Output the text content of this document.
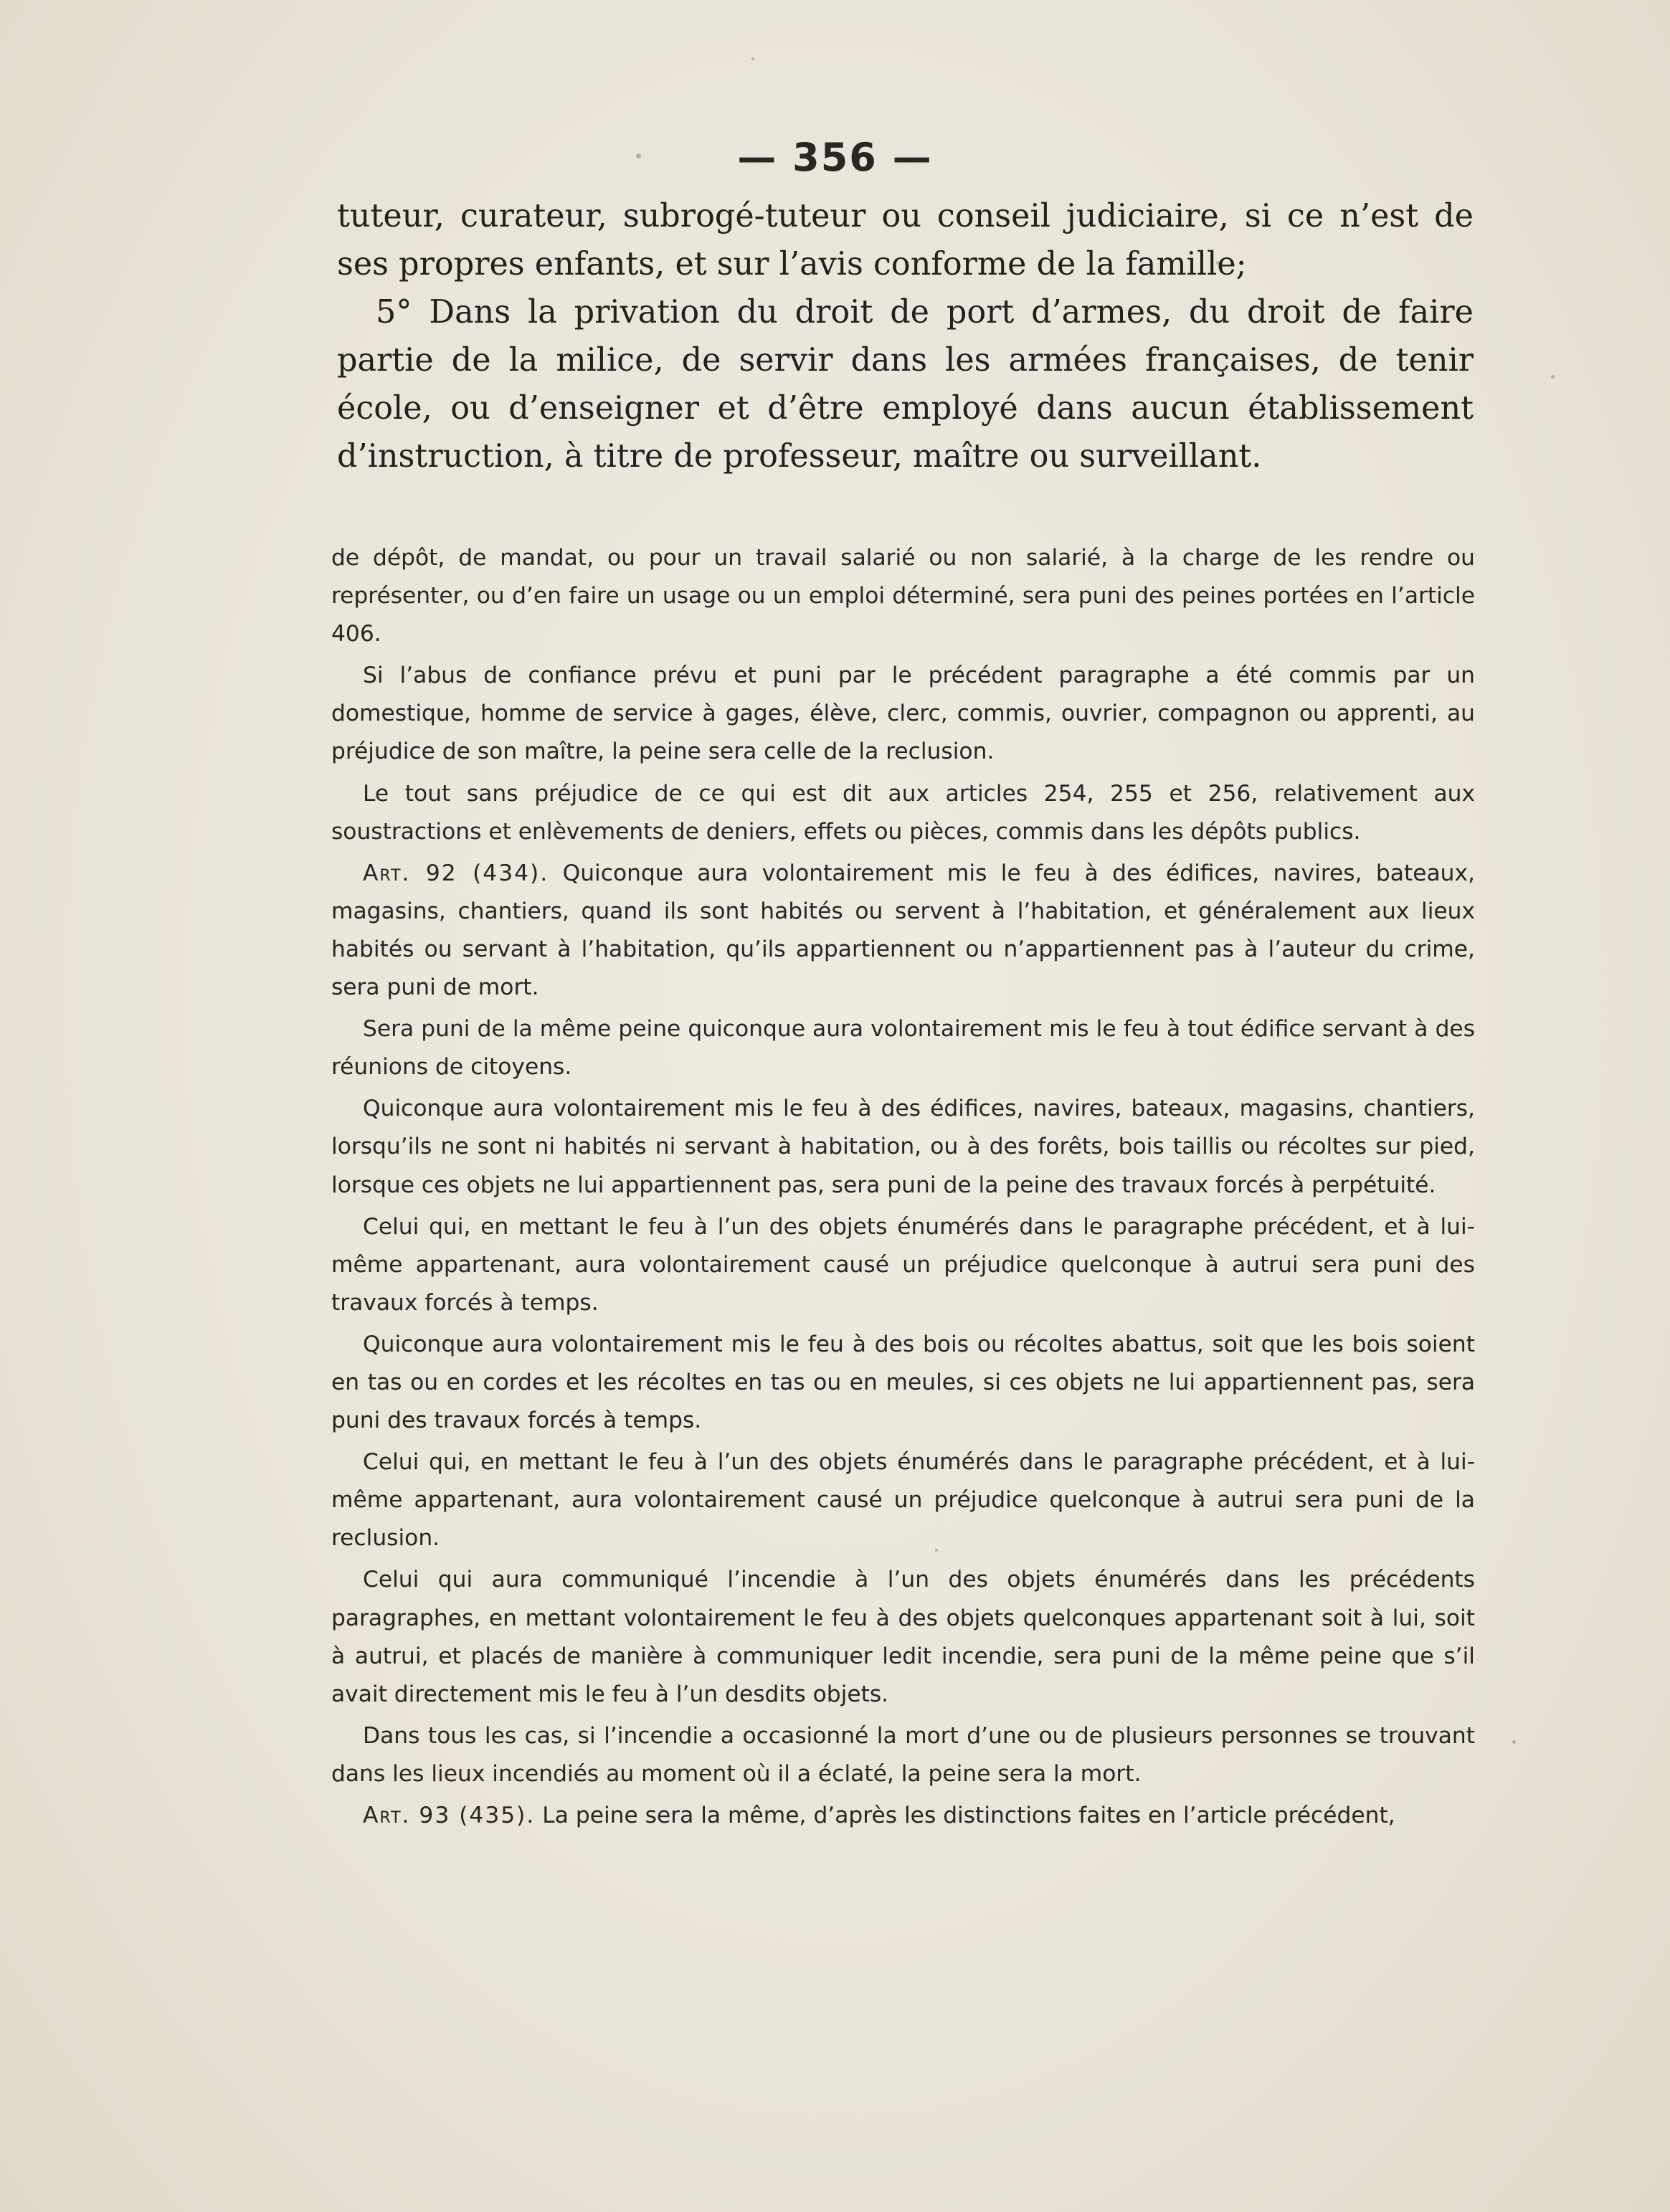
— 356 —

tuteur, curateur, subrogé-tuteur ou conseil judiciaire, si ce n’est de ses propres enfants, et sur l’avis conforme de la famille;

5° Dans la privation du droit de port d’armes, du droit de faire partie de la milice, de servir dans les armées françaises, de tenir école, ou d’enseigner et d’être employé dans aucun établissement d’instruction, à titre de professeur, maître ou surveillant.

de dépôt, de mandat, ou pour un travail salarié ou non salarié, à la charge de les rendre ou représenter, ou d’en faire un usage ou un emploi déterminé, sera puni des peines portées en l’article 406.

Si l’abus de confiance prévu et puni par le précédent paragraphe a été commis par un domestique, homme de service à gages, élève, clerc, commis, ouvrier, compagnon ou apprenti, au préjudice de son maître, la peine sera celle de la reclusion.

Le tout sans préjudice de ce qui est dit aux articles 254, 255 et 256, relativement aux soustractions et enlèvements de deniers, effets ou pièces, commis dans les dépôts publics.

Art. 92 (434). Quiconque aura volontairement mis le feu à des édifices, navires, bateaux, magasins, chantiers, quand ils sont habités ou servent à l’habitation, et généralement aux lieux habités ou servant à l’habitation, qu’ils appartiennent ou n’appartiennent pas à l’auteur du crime, sera puni de mort.

Sera puni de la même peine quiconque aura volontairement mis le feu à tout édifice servant à des réunions de citoyens.

Quiconque aura volontairement mis le feu à des édifices, navires, bateaux, magasins, chantiers, lorsqu’ils ne sont ni habités ni servant à habitation, ou à des forêts, bois taillis ou récoltes sur pied, lorsque ces objets ne lui appartiennent pas, sera puni de la peine des travaux forcés à perpétuité.

Celui qui, en mettant le feu à l’un des objets énumérés dans le paragraphe précédent, et à lui-même appartenant, aura volontairement causé un préjudice quelconque à autrui sera puni des travaux forcés à temps.

Quiconque aura volontairement mis le feu à des bois ou récoltes abattus, soit que les bois soient en tas ou en cordes et les récoltes en tas ou en meules, si ces objets ne lui appartiennent pas, sera puni des travaux forcés à temps.

Celui qui, en mettant le feu à l’un des objets énumérés dans le paragraphe précédent, et à lui-même appartenant, aura volontairement causé un préjudice quelconque à autrui sera puni de la reclusion.

Celui qui aura communiqué l’incendie à l’un des objets énumérés dans les précédents paragraphes, en mettant volontairement le feu à des objets quelconques appartenant soit à lui, soit à autrui, et placés de manière à communiquer ledit incendie, sera puni de la même peine que s’il avait directement mis le feu à l’un desdits objets.

Dans tous les cas, si l’incendie a occasionné la mort d’une ou de plusieurs personnes se trouvant dans les lieux incendiés au moment où il a éclaté, la peine sera la mort.

Art. 93 (435). La peine sera la même, d’après les distinctions faites en l’article précédent,
